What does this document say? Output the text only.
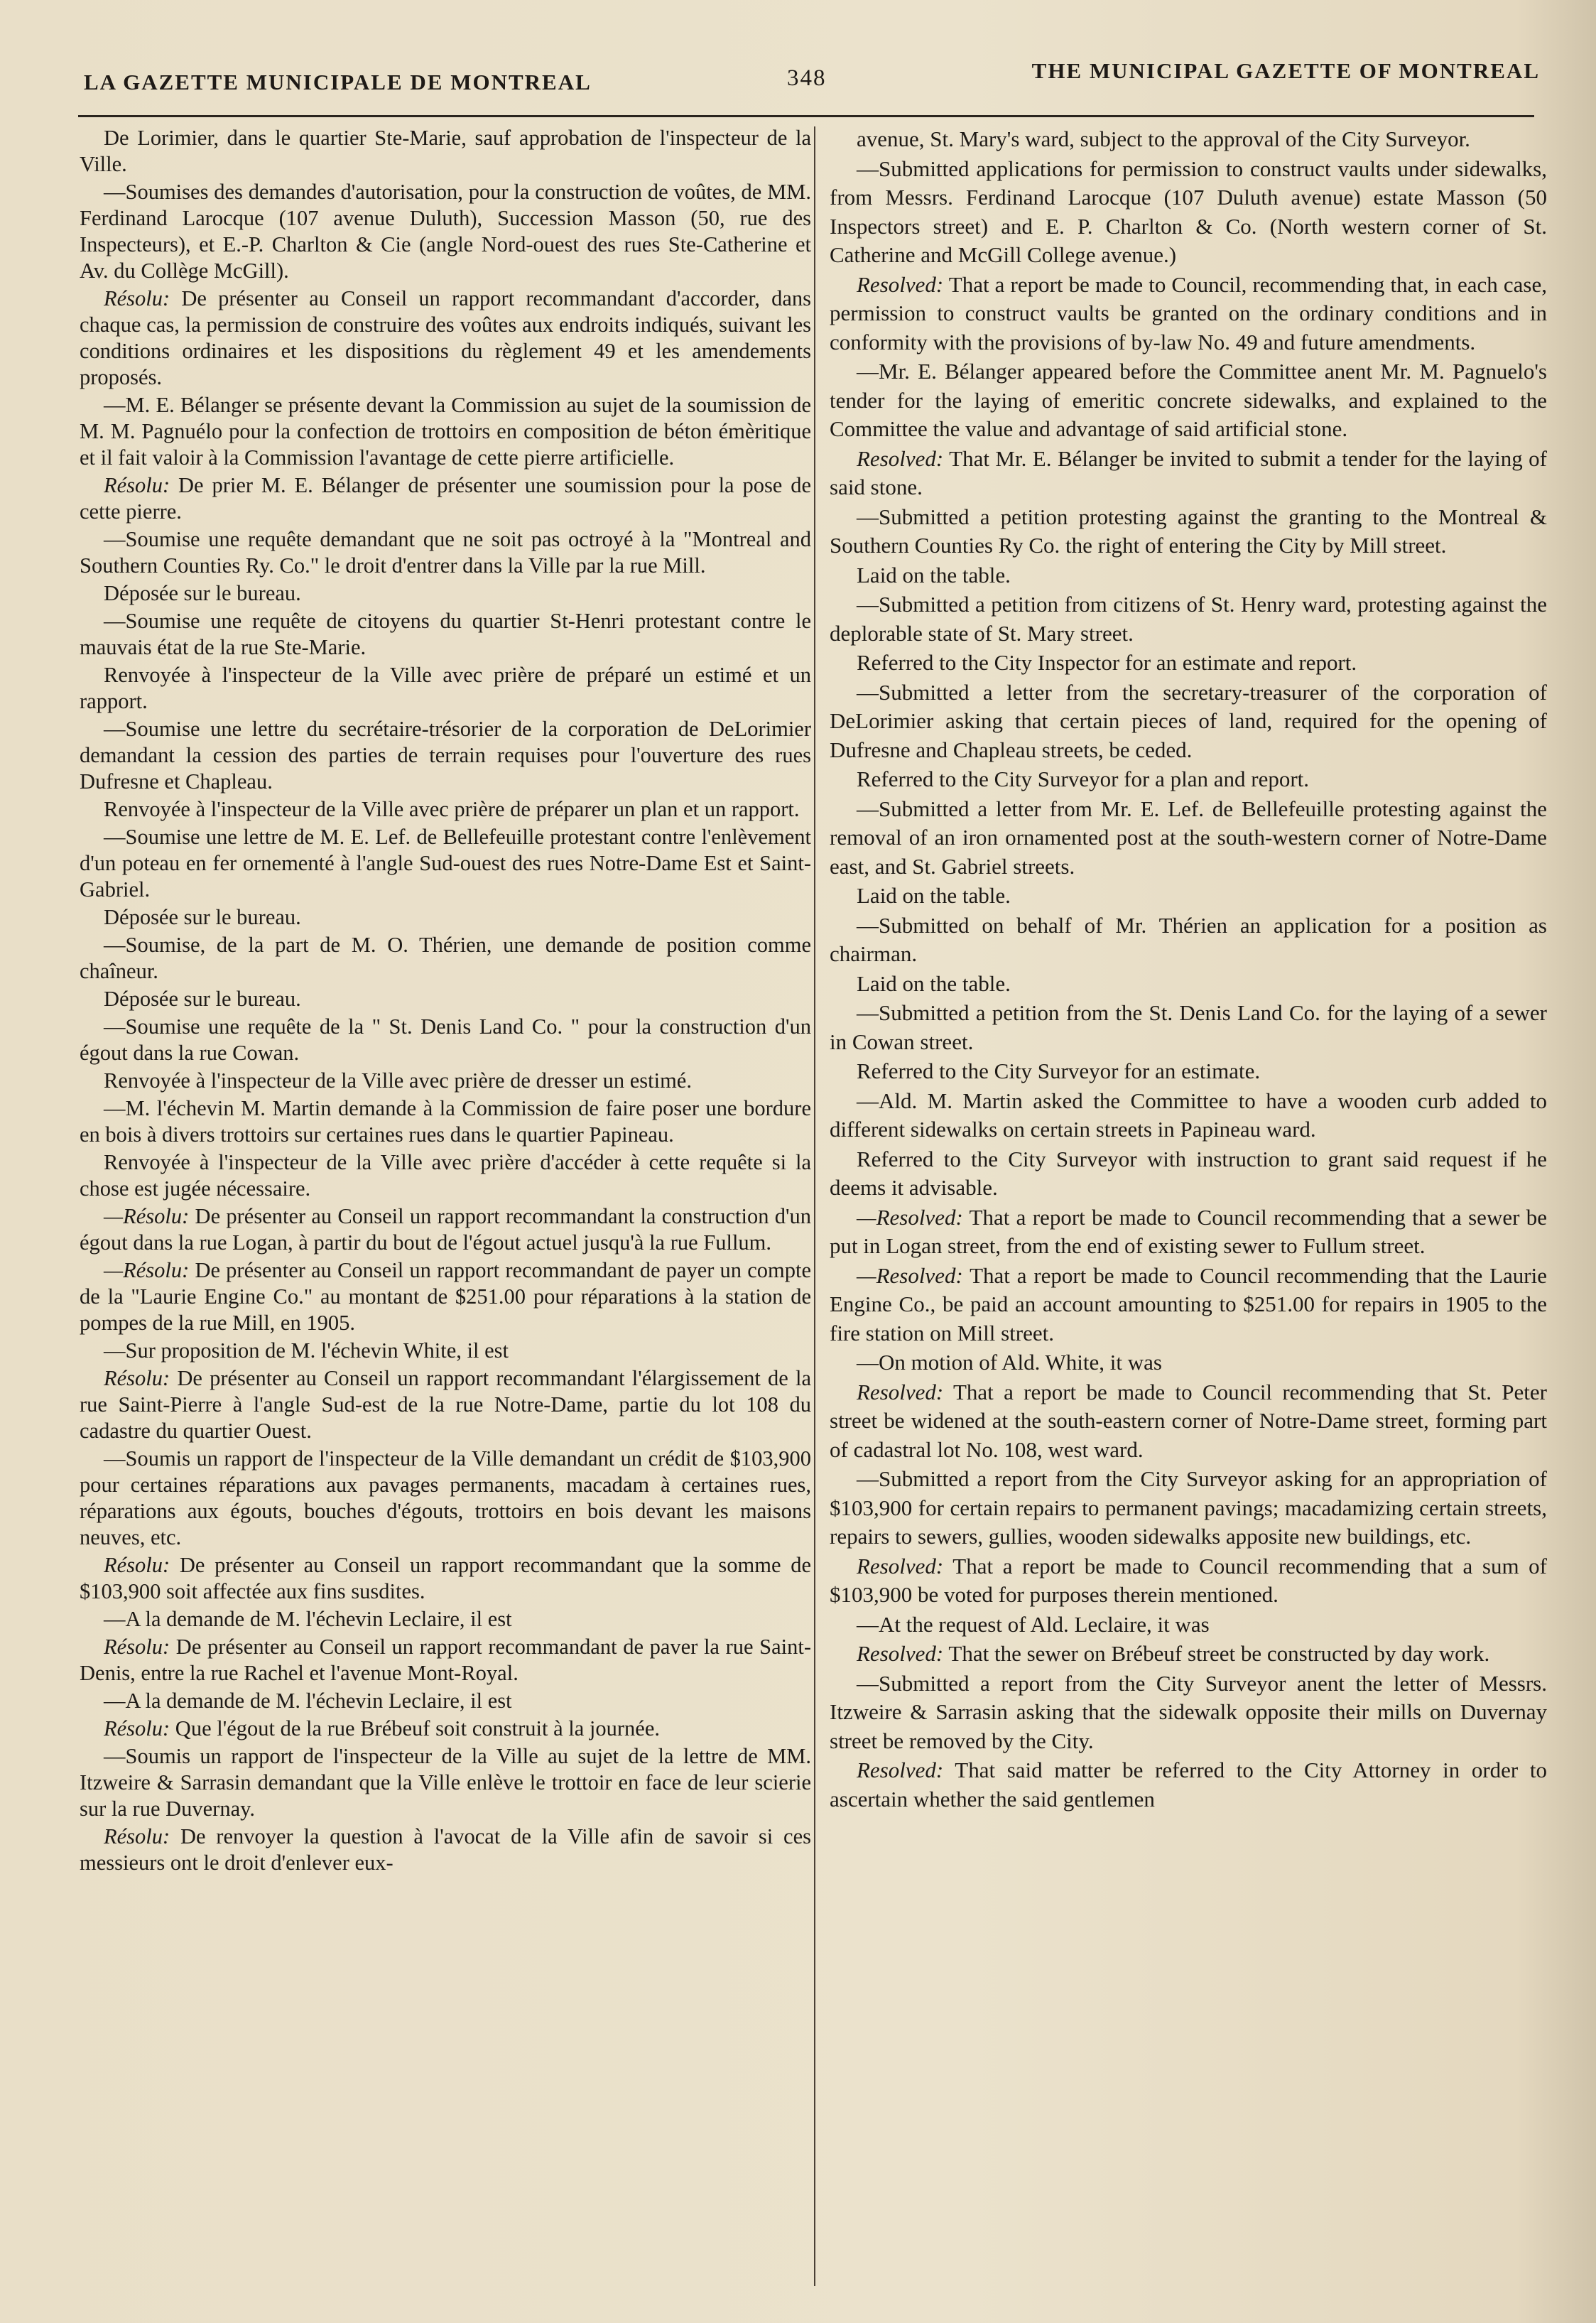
LA GAZETTE MUNICIPALE DE MONTREAL	348	THE MUNICIPAL GAZETTE OF MONTREAL

De Lorimier, dans le quartier Ste-Marie, sauf approbation de l'inspecteur de la Ville.

—Soumises des demandes d'autorisation, pour la construction de voûtes, de MM. Ferdinand Larocque (107 avenue Duluth), Succession Masson (50, rue des Inspecteurs), et E.-P. Charlton & Cie (angle Nord-ouest des rues Ste-Catherine et Av. du Collège McGill).

Résolu: De présenter au Conseil un rapport recommandant d'accorder, dans chaque cas, la permission de construire des voûtes aux endroits indiqués, suivant les conditions ordinaires et les dispositions du règlement 49 et les amendements proposés.

—M. E. Bélanger se présente devant la Commission au sujet de la soumission de M. M. Pagnuélo pour la confection de trottoirs en composition de béton émèritique et il fait valoir à la Commission l'avantage de cette pierre artificielle.

Résolu: De prier M. E. Bélanger de présenter une soumission pour la pose de cette pierre.

—Soumise une requête demandant que ne soit pas octroyé à la "Montreal and Southern Counties Ry. Co." le droit d'entrer dans la Ville par la rue Mill.

Déposée sur le bureau.

—Soumise une requête de citoyens du quartier St-Henri protestant contre le mauvais état de la rue Ste-Marie.

Renvoyée à l'inspecteur de la Ville avec prière de préparé un estimé et un rapport.

—Soumise une lettre du secrétaire-trésorier de la corporation de DeLorimier demandant la cession des parties de terrain requises pour l'ouverture des rues Dufresne et Chapleau.

Renvoyée à l'inspecteur de la Ville avec prière de préparer un plan et un rapport.

—Soumise une lettre de M. E. Lef. de Bellefeuille protestant contre l'enlèvement d'un poteau en fer ornementé à l'angle Sud-ouest des rues Notre-Dame Est et Saint-Gabriel.

Déposée sur le bureau.

—Soumise, de la part de M. O. Thérien, une demande de position comme chaîneur.

Déposée sur le bureau.

—Soumise une requête de la " St. Denis Land Co. " pour la construction d'un égout dans la rue Cowan.

Renvoyée à l'inspecteur de la Ville avec prière de dresser un estimé.

—M. l'échevin M. Martin demande à la Commission de faire poser une bordure en bois à divers trottoirs sur certaines rues dans le quartier Papineau.

Renvoyée à l'inspecteur de la Ville avec prière d'accéder à cette requête si la chose est jugée nécessaire.

—Résolu: De présenter au Conseil un rapport recommandant la construction d'un égout dans la rue Logan, à partir du bout de l'égout actuel jusqu'à la rue Fullum.

—Résolu: De présenter au Conseil un rapport recommandant de payer un compte de la "Laurie Engine Co." au montant de $251.00 pour réparations à la station de pompes de la rue Mill, en 1905.

—Sur proposition de M. l'échevin White, il est

Résolu: De présenter au Conseil un rapport recommandant l'élargissement de la rue Saint-Pierre à l'angle Sud-est de la rue Notre-Dame, partie du lot 108 du cadastre du quartier Ouest.

—Soumis un rapport de l'inspecteur de la Ville demandant un crédit de $103,900 pour certaines réparations aux pavages permanents, macadam à certaines rues, réparations aux égouts, bouches d'égouts, trottoirs en bois devant les maisons neuves, etc.

Résolu: De présenter au Conseil un rapport recommandant que la somme de $103,900 soit affectée aux fins susdites.

—A la demande de M. l'échevin Leclaire, il est

Résolu: De présenter au Conseil un rapport recommandant de paver la rue Saint-Denis, entre la rue Rachel et l'avenue Mont-Royal.

—A la demande de M. l'échevin Leclaire, il est

Résolu: Que l'égout de la rue Brébeuf soit construit à la journée.

—Soumis un rapport de l'inspecteur de la Ville au sujet de la lettre de MM. Itzweire & Sarrasin demandant que la Ville enlève le trottoir en face de leur scierie sur la rue Duvernay.

Résolu: De renvoyer la question à l'avocat de la Ville afin de savoir si ces messieurs ont le droit d'enlever eux-

avenue, St. Mary's ward, subject to the approval of the City Surveyor.

—Submitted applications for permission to construct vaults under sidewalks, from Messrs. Ferdinand Larocque (107 Duluth avenue) estate Masson (50 Inspectors street) and E. P. Charlton & Co. (North western corner of St. Catherine and McGill College avenue.)

Resolved: That a report be made to Council, recommending that, in each case, permission to construct vaults be granted on the ordinary conditions and in conformity with the provisions of by-law No. 49 and future amendments.

—Mr. E. Bélanger appeared before the Committee anent Mr. M. Pagnuelo's tender for the laying of emeritic concrete sidewalks, and explained to the Committee the value and advantage of said artificial stone.

Resolved: That Mr. E. Bélanger be invited to submit a tender for the laying of said stone.

—Submitted a petition protesting against the granting to the Montreal & Southern Counties Ry Co. the right of entering the City by Mill street.

Laid on the table.

—Submitted a petition from citizens of St. Henry ward, protesting against the deplorable state of St. Mary street.

Referred to the City Inspector for an estimate and report.

—Submitted a letter from the secretary-treasurer of the corporation of DeLorimier asking that certain pieces of land, required for the opening of Dufresne and Chapleau streets, be ceded.

Referred to the City Surveyor for a plan and report.

—Submitted a letter from Mr. E. Lef. de Bellefeuille protesting against the removal of an iron ornamented post at the south-western corner of Notre-Dame east, and St. Gabriel streets.

Laid on the table.

—Submitted on behalf of Mr. Thérien an application for a position as chairman.

Laid on the table.

—Submitted a petition from the St. Denis Land Co. for the laying of a sewer in Cowan street.

Referred to the City Surveyor for an estimate.

—Ald. M. Martin asked the Committee to have a wooden curb added to different sidewalks on certain streets in Papineau ward.

Referred to the City Surveyor with instruction to grant said request if he deems it advisable.

—Resolved: That a report be made to Council recommending that a sewer be put in Logan street, from the end of existing sewer to Fullum street.

—Resolved: That a report be made to Council recommending that the Laurie Engine Co., be paid an account amounting to $251.00 for repairs in 1905 to the fire station on Mill street.

—On motion of Ald. White, it was

Resolved: That a report be made to Council recommending that St. Peter street be widened at the south-eastern corner of Notre-Dame street, forming part of cadastral lot No. 108, west ward.

—Submitted a report from the City Surveyor asking for an appropriation of $103,900 for certain repairs to permanent pavings; macadamizing certain streets, repairs to sewers, gullies, wooden sidewalks apposite new buildings, etc.

Resolved: That a report be made to Council recommending that a sum of $103,900 be voted for purposes therein mentioned.

—At the request of Ald. Leclaire, it was

Resolved: That the sewer on Brébeuf street be constructed by day work.

—Submitted a report from the City Surveyor anent the letter of Messrs. Itzweire & Sarrasin asking that the sidewalk opposite their mills on Duvernay street be removed by the City.

Resolved: That said matter be referred to the City Attorney in order to ascertain whether the said gentlemen
